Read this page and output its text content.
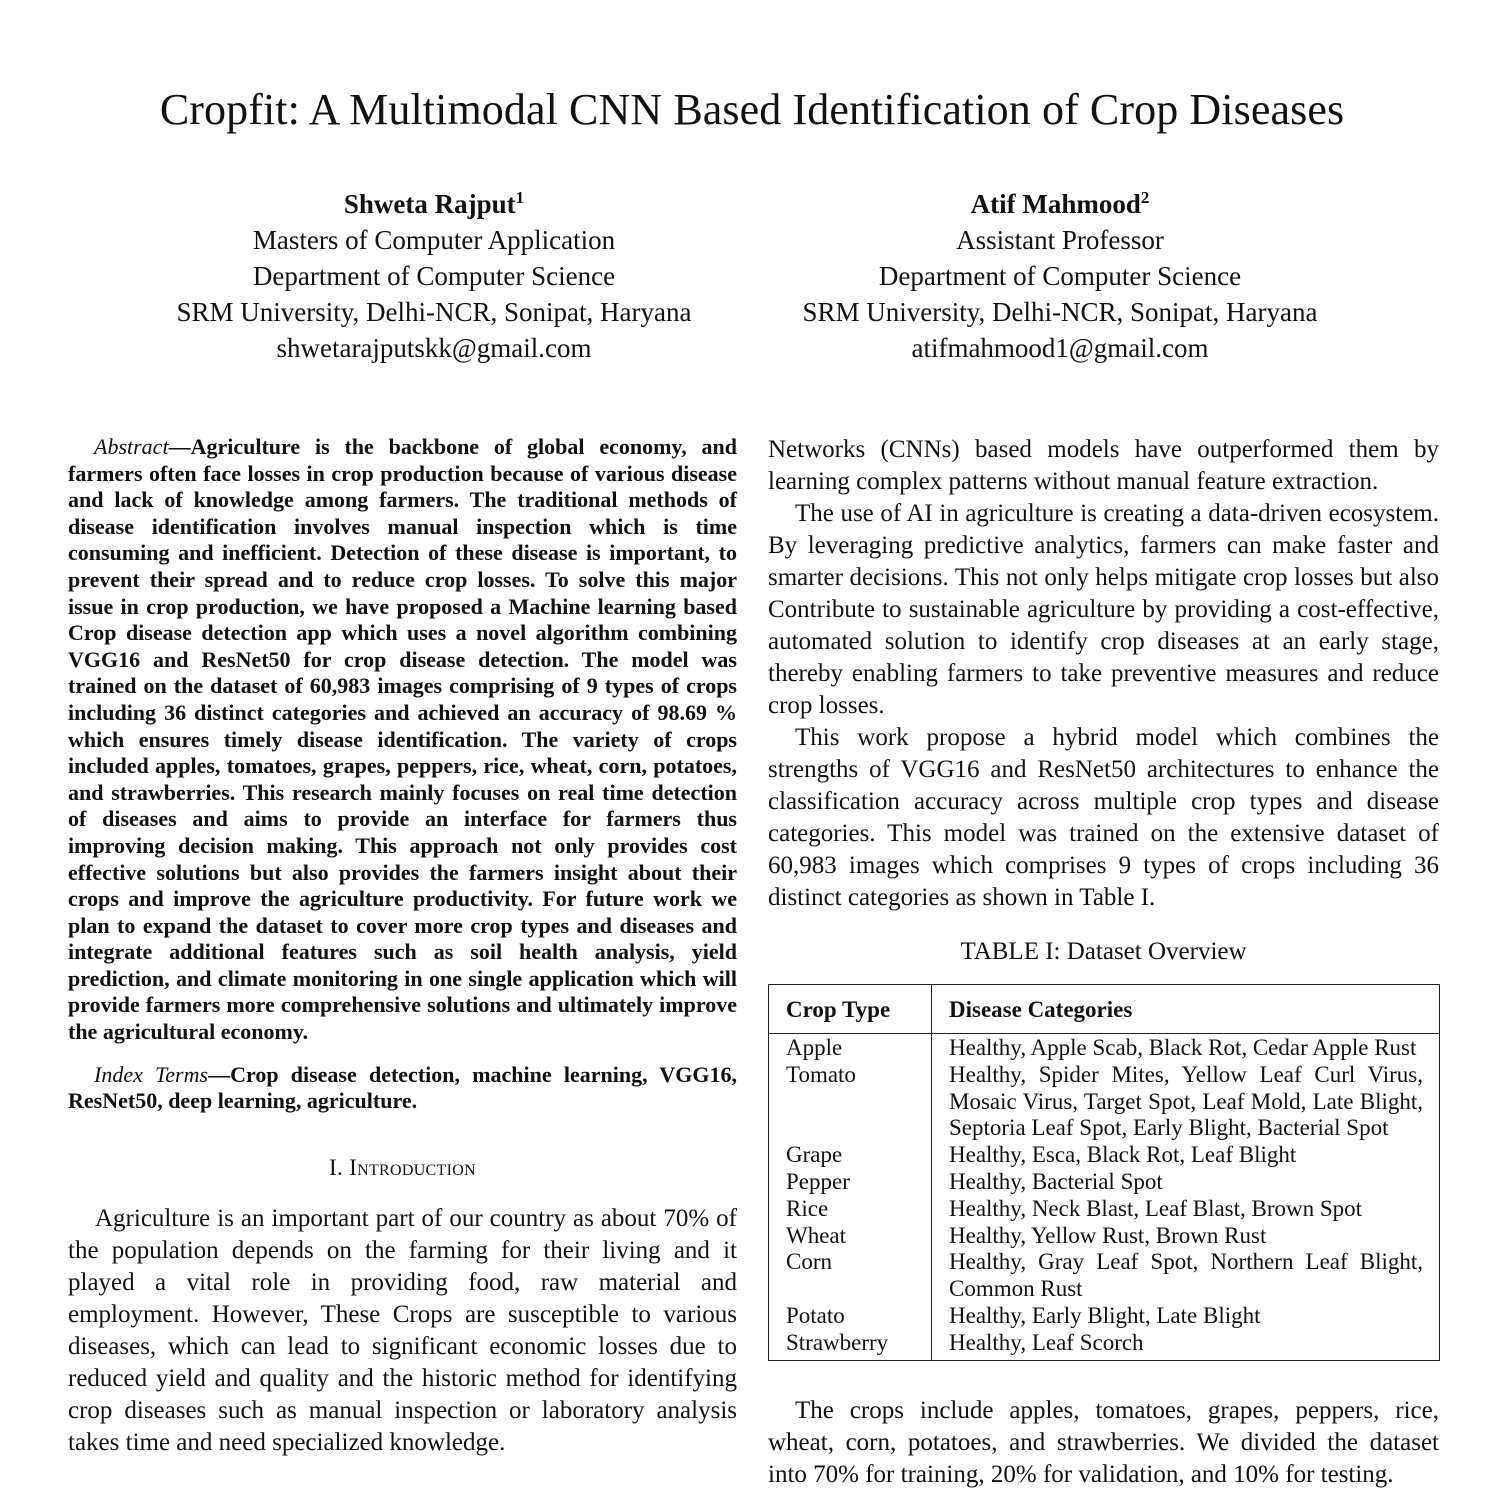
Cropfit: A Multimodal CNN Based Identification of Crop Diseases
Shweta Rajput$^1$
Masters of Computer Application
Department of Computer Science
SRM University, Delhi-NCR, Sonipat, Haryana
shwetarajputskk@gmail.com
Atif Mahmood$^2$
Assistant Professor
Department of Computer Science
SRM University, Delhi-NCR, Sonipat, Haryana
atifmahmood1@gmail.com

Abstract—Agriculture is the backbone of global economy, and farmers often face losses in crop production because of various disease and lack of knowledge among farmers. The traditional methods of disease identification involves manual inspection which is time consuming and inefficient. Detection of these disease is important, to prevent their spread and to reduce crop losses. To solve this major issue in crop production, we have proposed a Machine learning based Crop disease detection app which uses a novel algorithm combining VGG16 and ResNet50 for crop disease detection. The model was trained on the dataset of 60,983 images comprising of 9 types of crops including 36 distinct categories and achieved an accuracy of 98.69 % which ensures timely disease identification. The variety of crops included apples, tomatoes, grapes, peppers, rice, wheat, corn, potatoes, and strawberries. This research mainly focuses on real time detection of diseases and aims to provide an interface for farmers thus improving decision making. This approach not only provides cost effective solutions but also provides the farmers insight about their crops and improve the agriculture productivity. For future work we plan to expand the dataset to cover more crop types and diseases and integrate additional features such as soil health analysis, yield prediction, and climate monitoring in one single application which will provide farmers more comprehensive solutions and ultimately improve the agricultural economy.

Index Terms—Crop disease detection, machine learning, VGG16, ResNet50, deep learning, agriculture.

I. Introduction

Agriculture is an important part of our country as about 70% of the population depends on the farming for their living and it played a vital role in providing food, raw material and employment. However, These Crops are susceptible to various diseases, which can lead to significant economic losses due to reduced yield and quality and the historic method for identifying crop diseases such as manual inspection or laboratory analysis takes time and need specialized knowledge.

Networks (CNNs) based models have outperformed them by learning complex patterns without manual feature extraction.

The use of AI in agriculture is creating a data-driven ecosystem. By leveraging predictive analytics, farmers can make faster and smarter decisions. This not only helps mitigate crop losses but also Contribute to sustainable agriculture by providing a cost-effective, automated solution to identify crop diseases at an early stage, thereby enabling farmers to take preventive measures and reduce crop losses.

This work propose a hybrid model which combines the strengths of VGG16 and ResNet50 architectures to enhance the classification accuracy across multiple crop types and disease categories. This model was trained on the extensive dataset of 60,983 images which comprises 9 types of crops including 36 distinct categories as shown in Table I.

TABLE I: Dataset Overview
Crop Type	Disease Categories
Apple	Healthy, Apple Scab, Black Rot, Cedar Apple Rust
Tomato	Healthy, Spider Mites, Yellow Leaf Curl Virus, Mosaic Virus, Target Spot, Leaf Mold, Late Blight, Septoria Leaf Spot, Early Blight, Bacterial Spot
Grape	Healthy, Esca, Black Rot, Leaf Blight
Pepper	Healthy, Bacterial Spot
Rice	Healthy, Neck Blast, Leaf Blast, Brown Spot
Wheat	Healthy, Yellow Rust, Brown Rust
Corn	Healthy, Gray Leaf Spot, Northern Leaf Blight, Common Rust
Potato	Healthy, Early Blight, Late Blight
Strawberry	Healthy, Leaf Scorch

The crops include apples, tomatoes, grapes, peppers, rice, wheat, corn, potatoes, and strawberries. We divided the dataset into 70% for training, 20% for validation, and 10% for testing.
